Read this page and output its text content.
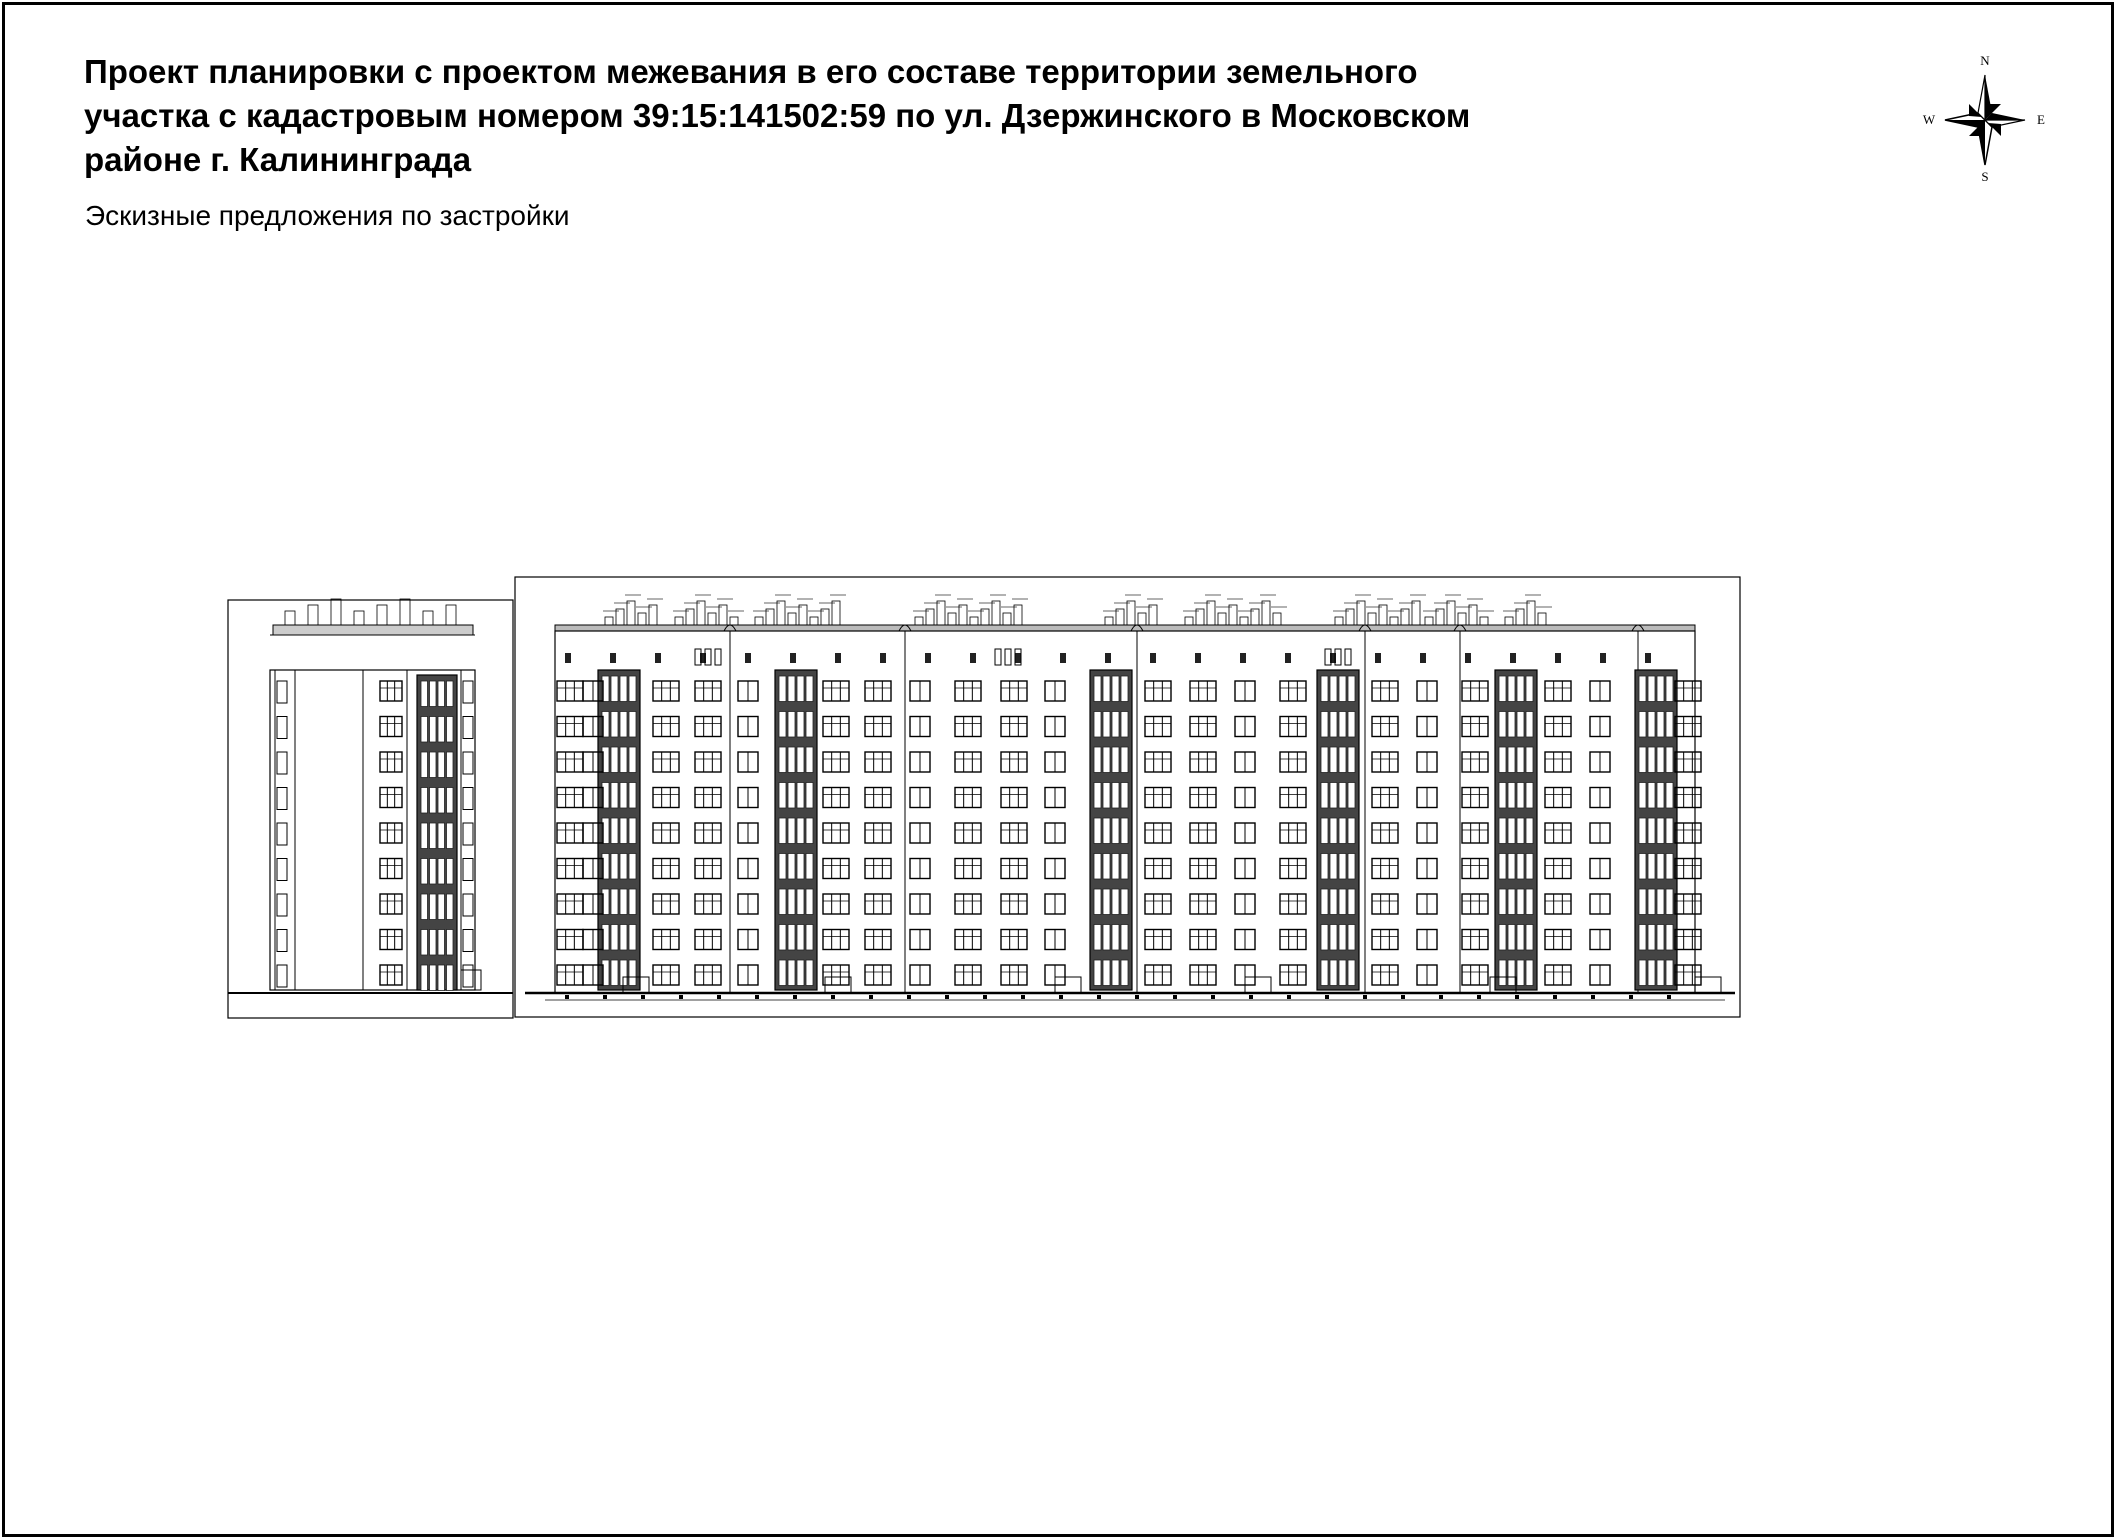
Проект планировки с проектом межевания в его составе территории земельного
участка с кадастровым номером 39:15:141502:59 по ул. Дзержинского в Московском
районе г. Калининграда

Эскизные предложения по застройки

N
S
W	E
